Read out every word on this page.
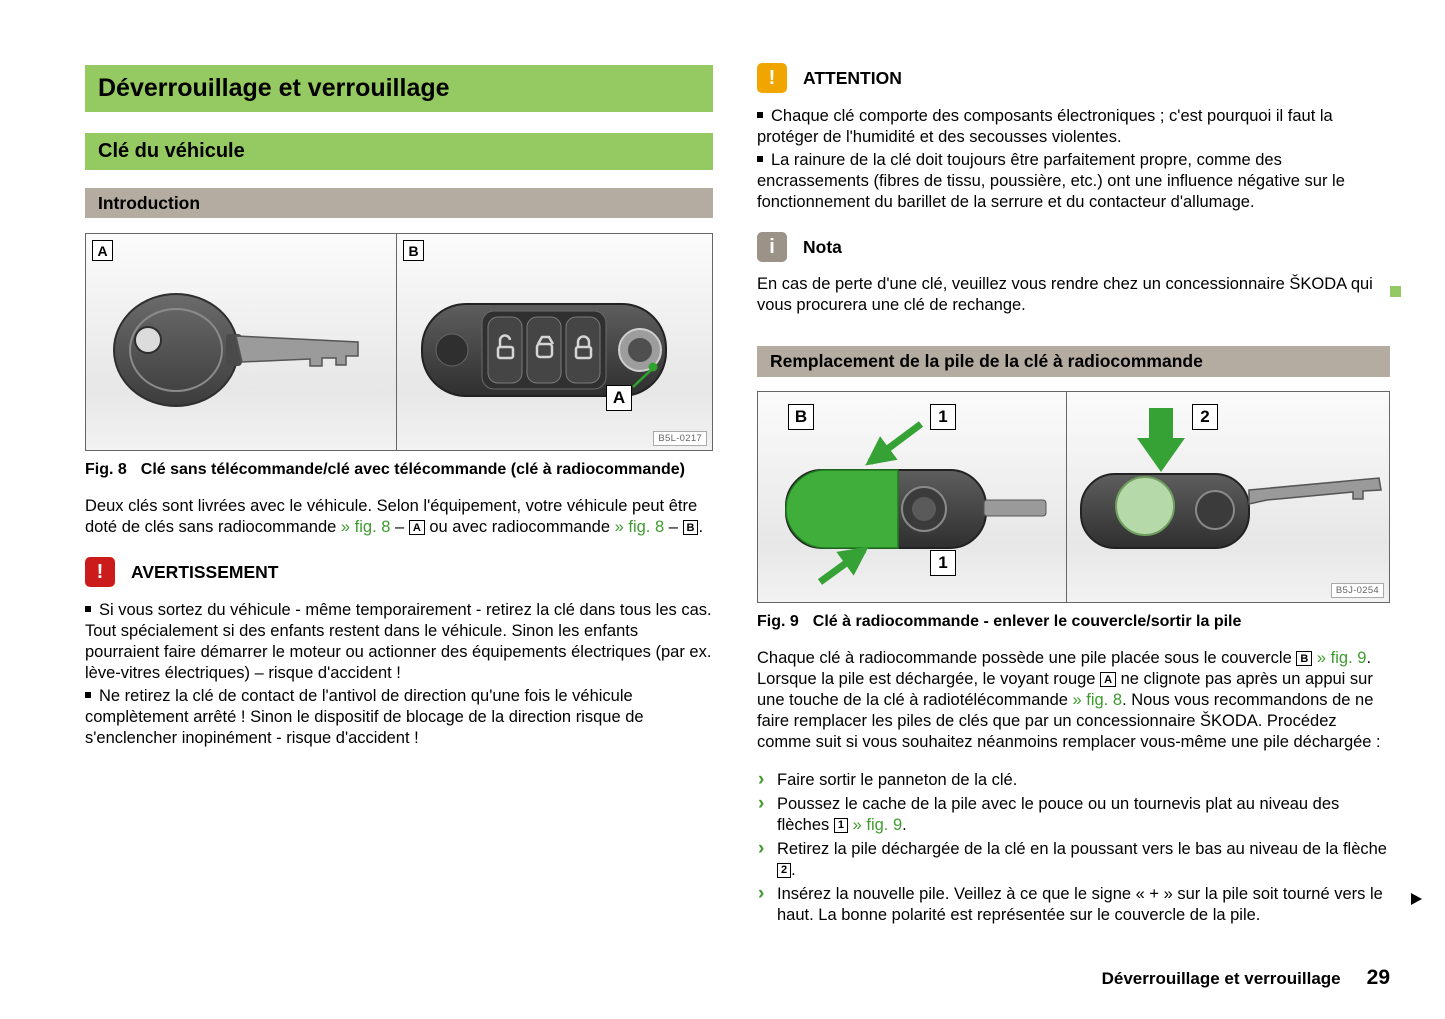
Déverrouillage et verrouillage
Clé du véhicule
Introduction
A	B
A
B5L-0217

Fig. 8 Clé sans télécommande/clé avec télécommande (clé à radiocommande)

Deux clés sont livrées avec le véhicule. Selon l'équipement, votre véhicule peut être doté de clés sans radiocommande » fig. 8 – A ou avec radiocommande » fig. 8 – B .

!	AVERTISSEMENT

Si vous sortez du véhicule - même temporairement - retirez la clé dans tous les cas. Tout spécialement si des enfants restent dans le véhicule. Sinon les enfants pourraient faire démarrer le moteur ou actionner des équipements électriques (par ex. lève-vitres électriques) – risque d'accident !

Ne retirez la clé de contact de l'antivol de direction qu'une fois le véhicule complètement arrêté ! Sinon le dispositif de blocage de la direction risque de s'enclencher inopinément - risque d'accident !

!	ATTENTION

Chaque clé comporte des composants électroniques ; c'est pourquoi il faut la protéger de l'humidité et des secousses violentes.

La rainure de la clé doit toujours être parfaitement propre, comme des encrassements (fibres de tissu, poussière, etc.) ont une influence négative sur le fonctionnement du barillet de la serrure et du contacteur d'allumage.

i	Nota

En cas de perte d'une clé, veuillez vous rendre chez un concessionnaire ŠKODA qui vous procurera une clé de rechange.

Remplacement de la pile de la clé à radiocommande
B	1
1
2
B5J-0254

Fig. 9 Clé à radiocommande - enlever le couvercle/sortir la pile

Chaque clé à radiocommande possède une pile placée sous le couvercle B » fig. 9. Lorsque la pile est déchargée, le voyant rouge A ne clignote pas après un appui sur une touche de la clé à radiotélécommande » fig. 8. Nous vous recommandons de ne faire remplacer les piles de clés que par un concessionnaire ŠKODA. Procédez comme suit si vous souhaitez néanmoins remplacer vous-même une pile déchargée :

› Faire sortir le panneton de la clé.
› Poussez le cache de la pile avec le pouce ou un tournevis plat au niveau des flèches 1 » fig. 9.
› Retirez la pile déchargée de la clé en la poussant vers le bas au niveau de la flèche 2 .
› Insérez la nouvelle pile. Veillez à ce que le signe « + » sur la pile soit tourné vers le haut. La bonne polarité est représentée sur le couvercle de la pile.
Déverrouillage et verrouillage 29
